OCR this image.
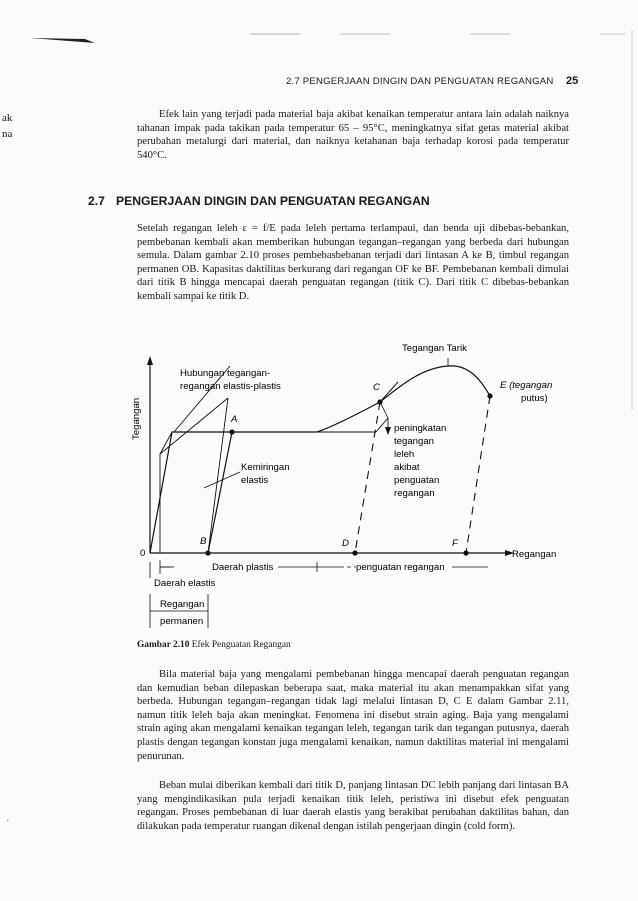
2.7 PENGERJAAN DINGIN DAN PENGUATAN REGANGAN 25
ak
na
ʿ

Efek lain yang terjadi pada material baja akibat kenaikan temperatur antara lain adalah naiknya tahanan impak pada takikan pada temperatur 65 – 95°C, meningkatnya sifat getas material akibat perubahan metalurgi dari material, dan naiknya ketahanan baja terhadap korosi pada temperatur 540°C.

2.7 PENGERJAAN DINGIN DAN PENGUATAN REGANGAN

Setelah regangan leleh ε = f/E pada leleh pertama terlampaui, dan benda uji dibebas-bebankan, pembebanan kembali akan memberikan hubungan tegangan–regangan yang berbeda dari hubungan semula. Dalam gambar 2.10 proses pembebasbebanan terjadi dari lintasan A ke B, timbul regangan permanen OB. Kapasitas daktilitas berkurang dari regangan OF ke BF. Pembebanan kembali dimulai dari titik B hingga mencapai daerah penguatan regangan (titik C). Dari titik C dibebas-bebankan kembali sampai ke titik D.

Tegangan Tarik
Tegangan
Regangan
Hubungan tegangan-
regangan elastis-plastis
Kemiringan
elastis
peningkatan
tegangan
leleh
akibat
penguatan
regangan
E (tegangan
putus)
A
B
C
D	F
0
Daerah plastis	penguatan regangan
Daerah elastis
Regangan
permanen
Gambar 2.10 Efek Penguatan Regangan

Bila material baja yang mengalami pembebanan hingga mencapai daerah penguatan regangan dan kemudian beban dilepaskan beberapa saat, maka material itu akan menampakkan sifat yang berbeda. Hubungan tegangan–regangan tidak lagi melalui lintasan D, C E dalam Gambar 2.11, namun titik leleh baja akan meningkat. Fenomena ini disebut strain aging. Baja yang mengalami strain aging akan mengalami kenaikan tegangan leleh, tegangan tarik dan tegangan putusnya, daerah plastis dengan tegangan konstan juga mengalami kenaikan, namun daktilitas material ini mengalami penurunan.

Beban mulai diberikan kembali dari titik D, panjang lintasan DC lebih panjang dari lintasan BA yang mengindikasikan pula terjadi kenaikan titik leleh, peristiwa ini disebut efek penguatan regangan. Proses pembebanan di luar daerah elastis yang berakibat perubahan daktilitas bahan, dan dilakukan pada temperatur ruangan dikenal dengan istilah pengerjaan dingin (cold form).
